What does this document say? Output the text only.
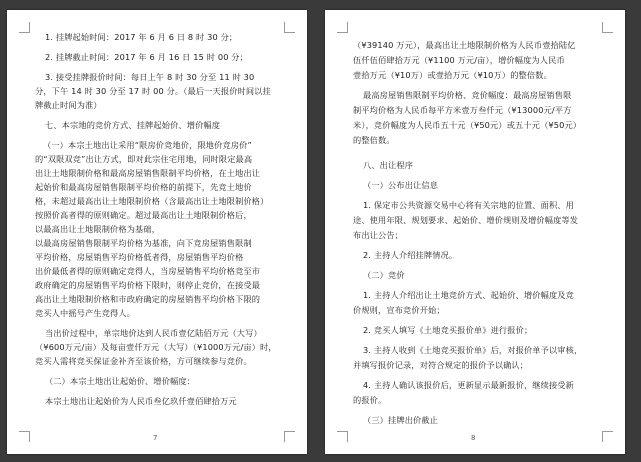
1. 挂牌起始时间：2017 年 6 月 6 日 8 时 30 分；
2. 挂牌截止时间：2017 年 6 月 16 日 15 时 00 分；
3. 接受挂牌报价时间：每日上午 8 时 30 分至 11 时 30
分，下午 14 时 30 分至 17 时 00 分。（最后一天报价时间以挂
牌截止时间为准）
七、本宗地的竞价方式、挂牌起始价、增价幅度
（一）本宗土地出让采用“限房价竞地价，限地价竞房价”
的“双限双竞”出让方式，即对此宗住宅用地，同时限定最高
出让土地限制价格和最高房屋销售限制平均价格，在土地出让
起始价和最高房屋销售限制平均价格的前提下，先竞土地价
格，未超过最高出让土地限制价格（含最高出让土地限制价格）
按照价高者得的原则确定。超过最高出让土地限制价格后，
以最高出让土地限制价格为基础，
以最高房屋销售限制平均价格为基准，向下竞房屋销售限制
平均价格，房屋销售平均价格低者得，房屋销售平均价格
出价最低者得的原则确定竞得人，当房屋销售平均价格竞至市
政府确定的房屋销售平均价格下限时，则停止竞价，在接受最
高出让土地限制价格和市政府确定的房屋销售平均价格下限的
竞买人中摇号产生竞得人。
当出价过程中，单宗地价达到人民币壹亿陆佰万元（大写）
（¥600万元/亩）及每亩壹仟万元（大写）（¥1000万元/亩）时，
竞买人需将竞买保证金补齐至该价格，方可继续参与竞价。
（二）本宗土地出让起始价、增价幅度：
本宗土地出让起始价为人民币叁亿玖仟壹佰肆拾万元
7
（¥39140 万元），最高出让土地限制价格为人民币壹拾陆亿
伍仟伍佰肆拾万元（¥1100 万元/亩），增价幅度为人民币
壹拾万元（¥10万）或壹拾万元（¥10万）的整倍数。
最高房屋销售限制平均价格、竞价幅度：最高房屋销售限
制平均价格为人民币每平方米壹万叁仟元（¥13000元/平方
米），竞价幅度为人民币五十元（¥50元）或五十元（¥50元）
的整倍数。
八、出让程序
（一）公布出让信息
1. 保定市公共资源交易中心将有关宗地的位置、面积、用
途、使用年限、规划要求、起始价、增价规则及增价幅度等发
布出让公告；
2. 主持人介绍挂牌情况。
（二）竞价
1. 主持人介绍出让土地竞价方式、起始价、增价幅度及竞
价规则，宣布竞价开始；
2. 竞买人填写《土地竞买报价单》进行报价；
3. 主持人收到《土地竞买报价单》后，对报价单予以审核，
并填写报价记录，对符合规定的报价予以确认；
4. 主持人确认该报价后，更新显示最新报价，继续接受新
的报价。
（三）挂牌出价截止
8
